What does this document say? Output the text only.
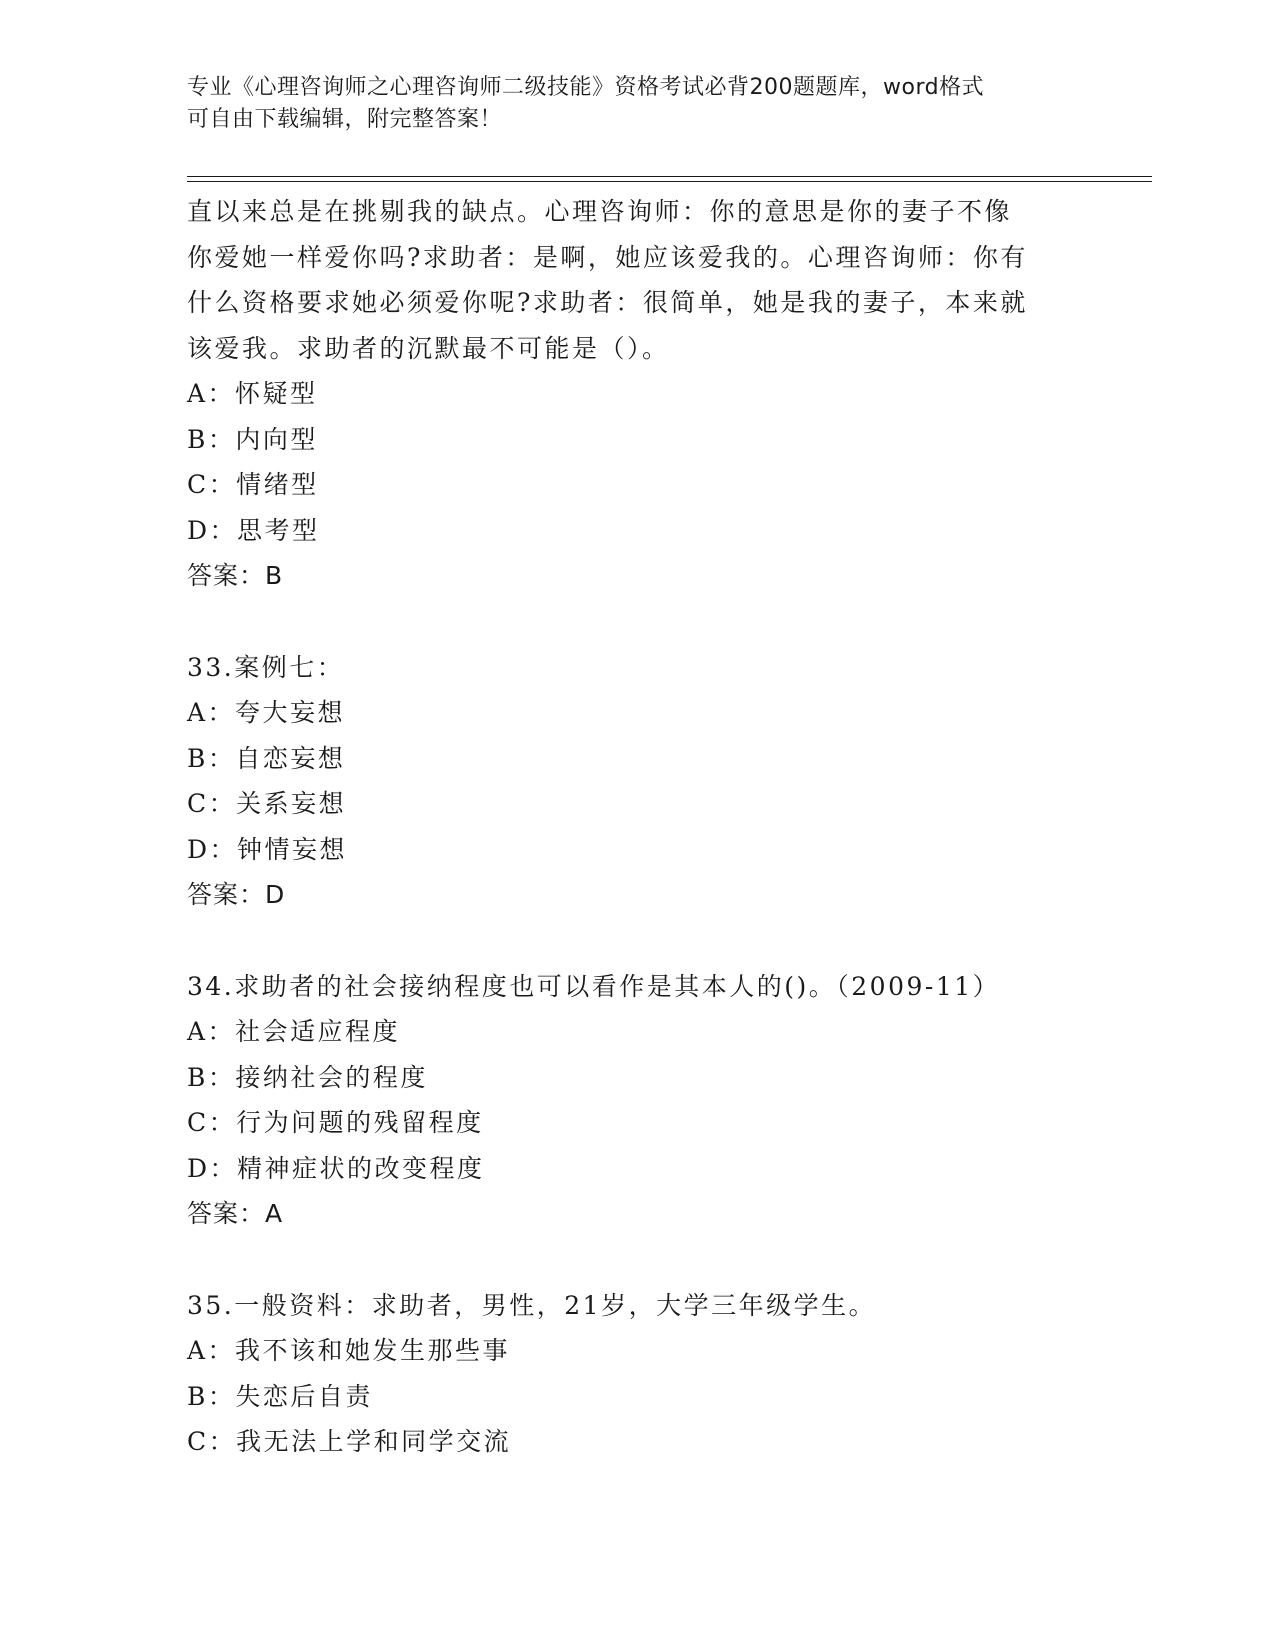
专业《心理咨询师之心理咨询师二级技能》资格考试必背200题题库，word格式
可自由下载编辑，附完整答案！
直以来总是在挑剔我的缺点。心理咨询师：你的意思是你的妻子不像
你爱她一样爱你吗?求助者：是啊，她应该爱我的。心理咨询师：你有
什么资格要求她必须爱你呢?求助者：很简单，她是我的妻子，本来就
该爱我。求助者的沉默最不可能是（）。
A：怀疑型
B：内向型
C：情绪型
D：思考型
答案：B
33.案例七：
A：夸大妄想
B：自恋妄想
C：关系妄想
D：钟情妄想
答案：D
34.求助者的社会接纳程度也可以看作是其本人的()。（2009-11）
A：社会适应程度
B：接纳社会的程度
C：行为问题的残留程度
D：精神症状的改变程度
答案：A
35.一般资料：求助者，男性，21岁，大学三年级学生。
A：我不该和她发生那些事
B：失恋后自责
C：我无法上学和同学交流
